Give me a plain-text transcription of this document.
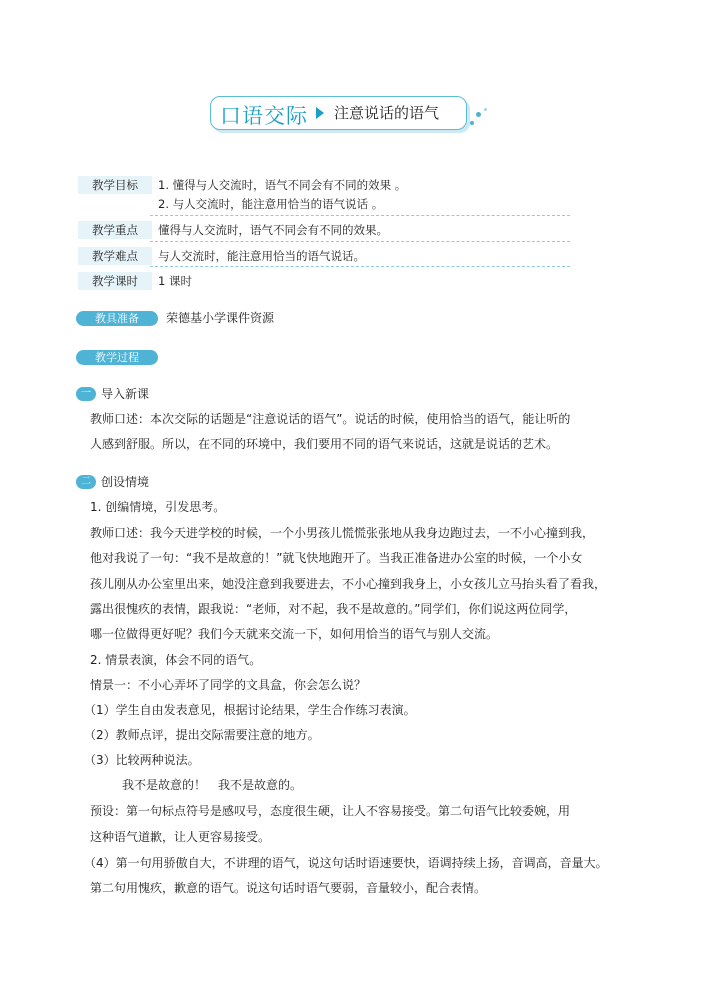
口语交际 注意说话的语气
教学目标	1. 懂得与人交流时，语气不同会有不同的效果 。
2. 与人交流时，能注意用恰当的语气说话 。
教学重点	懂得与人交流时，语气不同会有不同的效果。
教学难点	与人交流时，能注意用恰当的语气说话。
教学课时	1 课时
教具准备	荣德基小学课件资源
教学过程
一 导入新课
教师口述：本次交际的话题是“注意说话的语气”。说话的时候，使用恰当的语气，能让听的
人感到舒服。所以，在不同的环境中，我们要用不同的语气来说话，这就是说话的艺术。
二 创设情境
1. 创编情境，引发思考。
教师口述：我今天进学校的时候，一个小男孩儿慌慌张张地从我身边跑过去，一不小心撞到我，
他对我说了一句：“我不是故意的！”就飞快地跑开了。当我正准备进办公室的时候，一个小女
孩儿刚从办公室里出来，她没注意到我要进去，不小心撞到我身上，小女孩儿立马抬头看了看我，
露出很愧疚的表情，跟我说：“老师，对不起，我不是故意的。”同学们，你们说这两位同学，
哪一位做得更好呢？我们今天就来交流一下，如何用恰当的语气与别人交流。
2. 情景表演，体会不同的语气。
情景一：不小心弄坏了同学的文具盒，你会怎么说？
（1）学生自由发表意见，根据讨论结果，学生合作练习表演。
（2）教师点评，提出交际需要注意的地方。
（3）比较两种说法。
我不是故意的！　我不是故意的。
预设：第一句标点符号是感叹号，态度很生硬，让人不容易接受。第二句语气比较委婉，用
这种语气道歉，让人更容易接受。
（4）第一句用骄傲自大，不讲理的语气，说这句话时语速要快，语调持续上扬，音调高，音量大。
第二句用愧疚，歉意的语气。说这句话时语气要弱，音量较小，配合表情。
